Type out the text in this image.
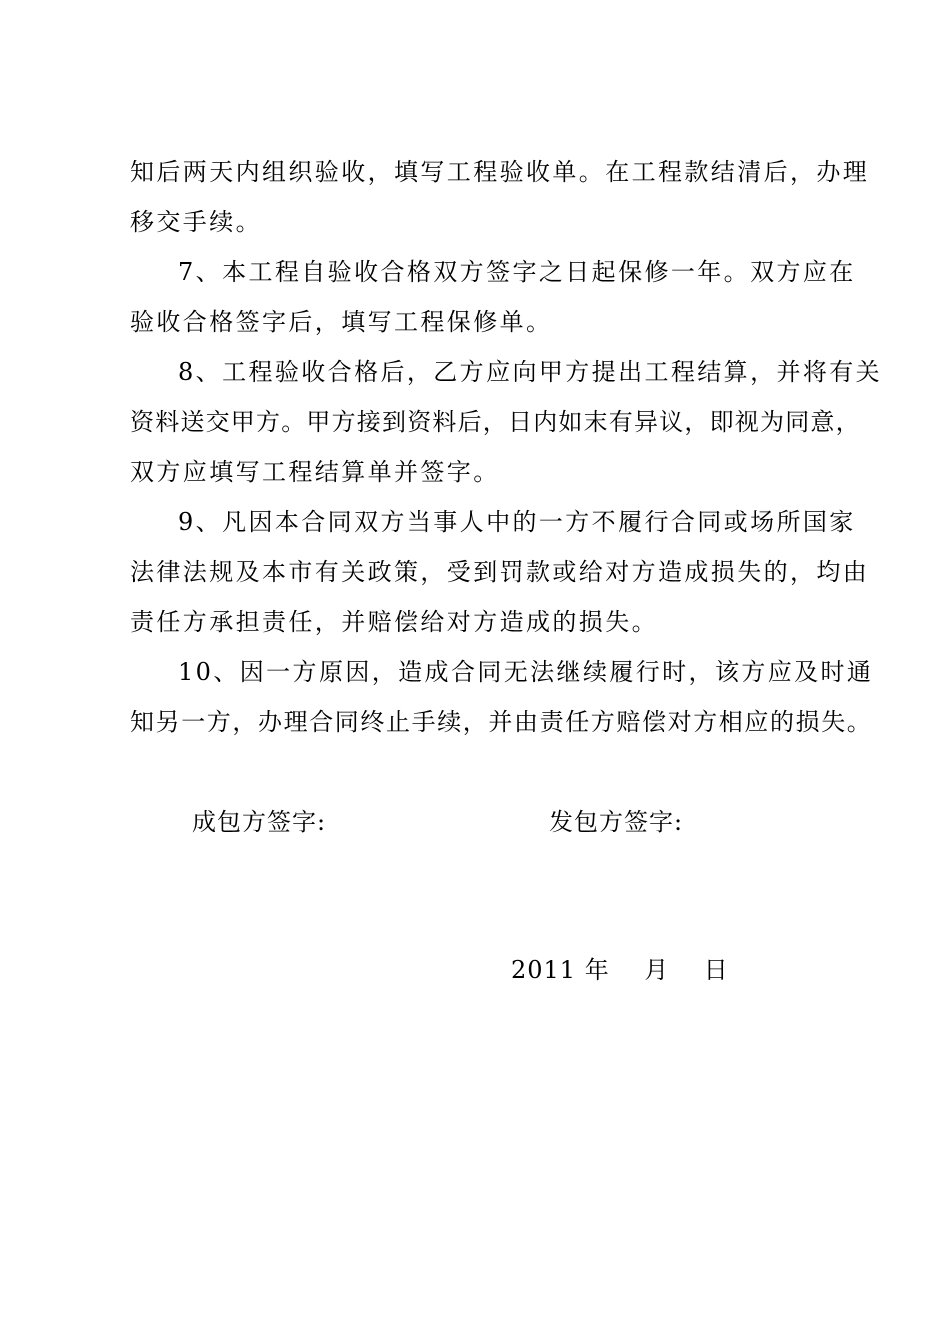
知后两天内组织验收，填写工程验收单。在工程款结清后，办理
移交手续。
7、本工程自验收合格双方签字之日起保修一年。双方应在
验收合格签字后，填写工程保修单。
8、工程验收合格后，乙方应向甲方提出工程结算，并将有关
资料送交甲方。甲方接到资料后，日内如末有异议，即视为同意，
双方应填写工程结算单并签字。
9、凡因本合同双方当事人中的一方不履行合同或场所国家
法律法规及本市有关政策，受到罚款或给对方造成损失的，均由
责任方承担责任，并赔偿给对方造成的损失。
10、因一方原因，造成合同无法继续履行时，该方应及时通
知另一方，办理合同终止手续，并由责任方赔偿对方相应的损失。
成包方签字:	发包方签字:
2011 年    月    日
